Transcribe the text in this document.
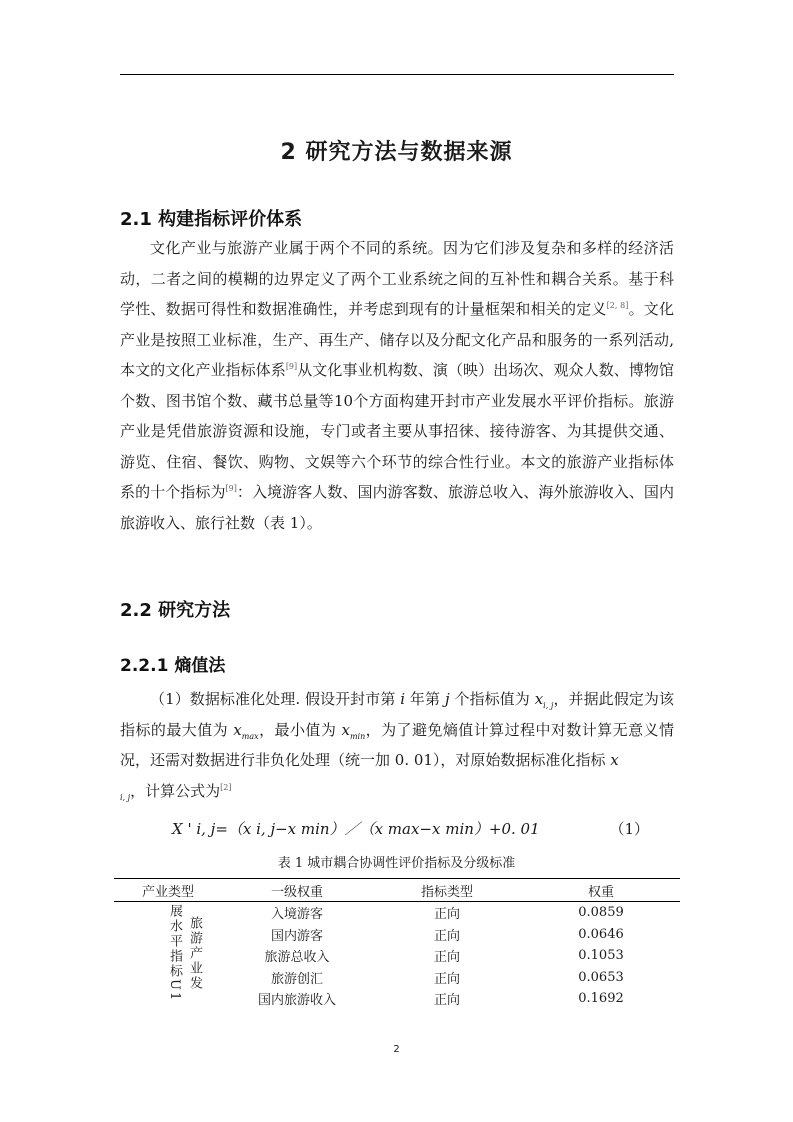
2 研究方法与数据来源
2.1 构建指标评价体系

文化产业与旅游产业属于两个不同的系统。因为它们涉及复杂和多样的经济活动，二者之间的模糊的边界定义了两个工业系统之间的互补性和耦合关系。基于科学性、数据可得性和数据准确性，并考虑到现有的计量框架和相关的定义[2, 8]。文化产业是按照工业标准，生产、再生产、储存以及分配文化产品和服务的一系列活动, 本文的文化产业指标体系[9]从文化事业机构数、演（映）出场次、观众人数、博物馆个数、图书馆个数、藏书总量等10个方面构建开封市产业发展水平评价指标。旅游产业是凭借旅游资源和设施，专门或者主要从事招徕、接待游客、为其提供交通、游览、住宿、餐饮、购物、文娱等六个环节的综合性行业。本文的旅游产业指标体系的十个指标为[9]：入境游客人数、国内游客数、旅游总收入、海外旅游收入、国内旅游收入、旅行社数（表 1）。

2.2 研究方法
2.2.1 熵值法

（1）数据标准化处理. 假设开封市第 i 年第 j 个指标值为 $x_{i, j}$，并据此假定为该指标的最大值为 $x_{max}$，最小值为 $x_{min}$，为了避免熵值计算过程中对数计算无意义情况，还需对数据进行非负化处理（统一加 0. 01），对原始数据标准化指标 x
$_{i, j}$，计算公式为[2]

X ' i, j=（x i, j−x min）／（x max−x min）+0. 01	（1）
表 1 城市耦合协调性评价指标及分级标准
产业类型	一级权重	指标类型	权重

展水平指标U1 旅游产业发	入境游客	正向	0.0859
	国内游客	正向	0.0646
	旅游总收入	正向	0.1053
	旅游创汇	正向	0.0653
	国内旅游收入	正向	0.1692
2
